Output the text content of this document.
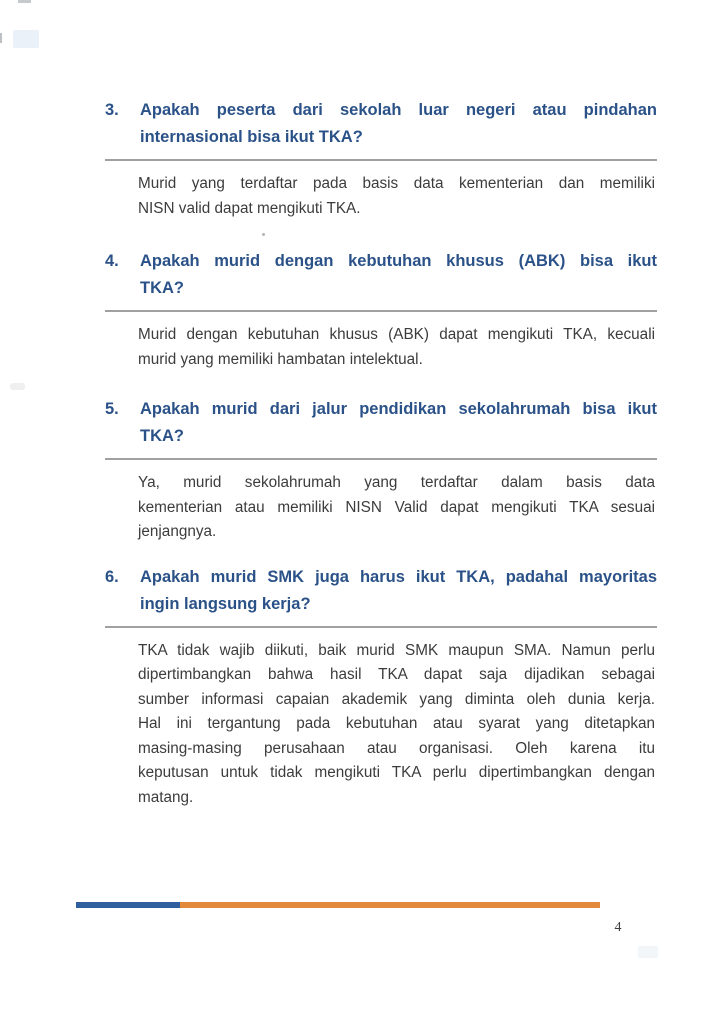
3.	Apakah peserta dari sekolah luar negeri atau pindahan
internasional bisa ikut TKA?
Murid yang terdaftar pada basis data kementerian dan memiliki
NISN valid dapat mengikuti TKA.
4.	Apakah murid dengan kebutuhan khusus (ABK) bisa ikut
TKA?
Murid dengan kebutuhan khusus (ABK) dapat mengikuti TKA, kecuali
murid yang memiliki hambatan intelektual.
5.	Apakah murid dari jalur pendidikan sekolahrumah bisa ikut
TKA?
Ya, murid sekolahrumah yang terdaftar dalam basis data
kementerian atau memiliki NISN Valid dapat mengikuti TKA sesuai
jenjangnya.
6.	Apakah murid SMK juga harus ikut TKA, padahal mayoritas
ingin langsung kerja?
TKA tidak wajib diikuti, baik murid SMK maupun SMA. Namun perlu
dipertimbangkan bahwa hasil TKA dapat saja dijadikan sebagai
sumber informasi capaian akademik yang diminta oleh dunia kerja.
Hal ini tergantung pada kebutuhan atau syarat yang ditetapkan
masing-masing perusahaan atau organisasi. Oleh karena itu
keputusan untuk tidak mengikuti TKA perlu dipertimbangkan dengan
matang.
4
